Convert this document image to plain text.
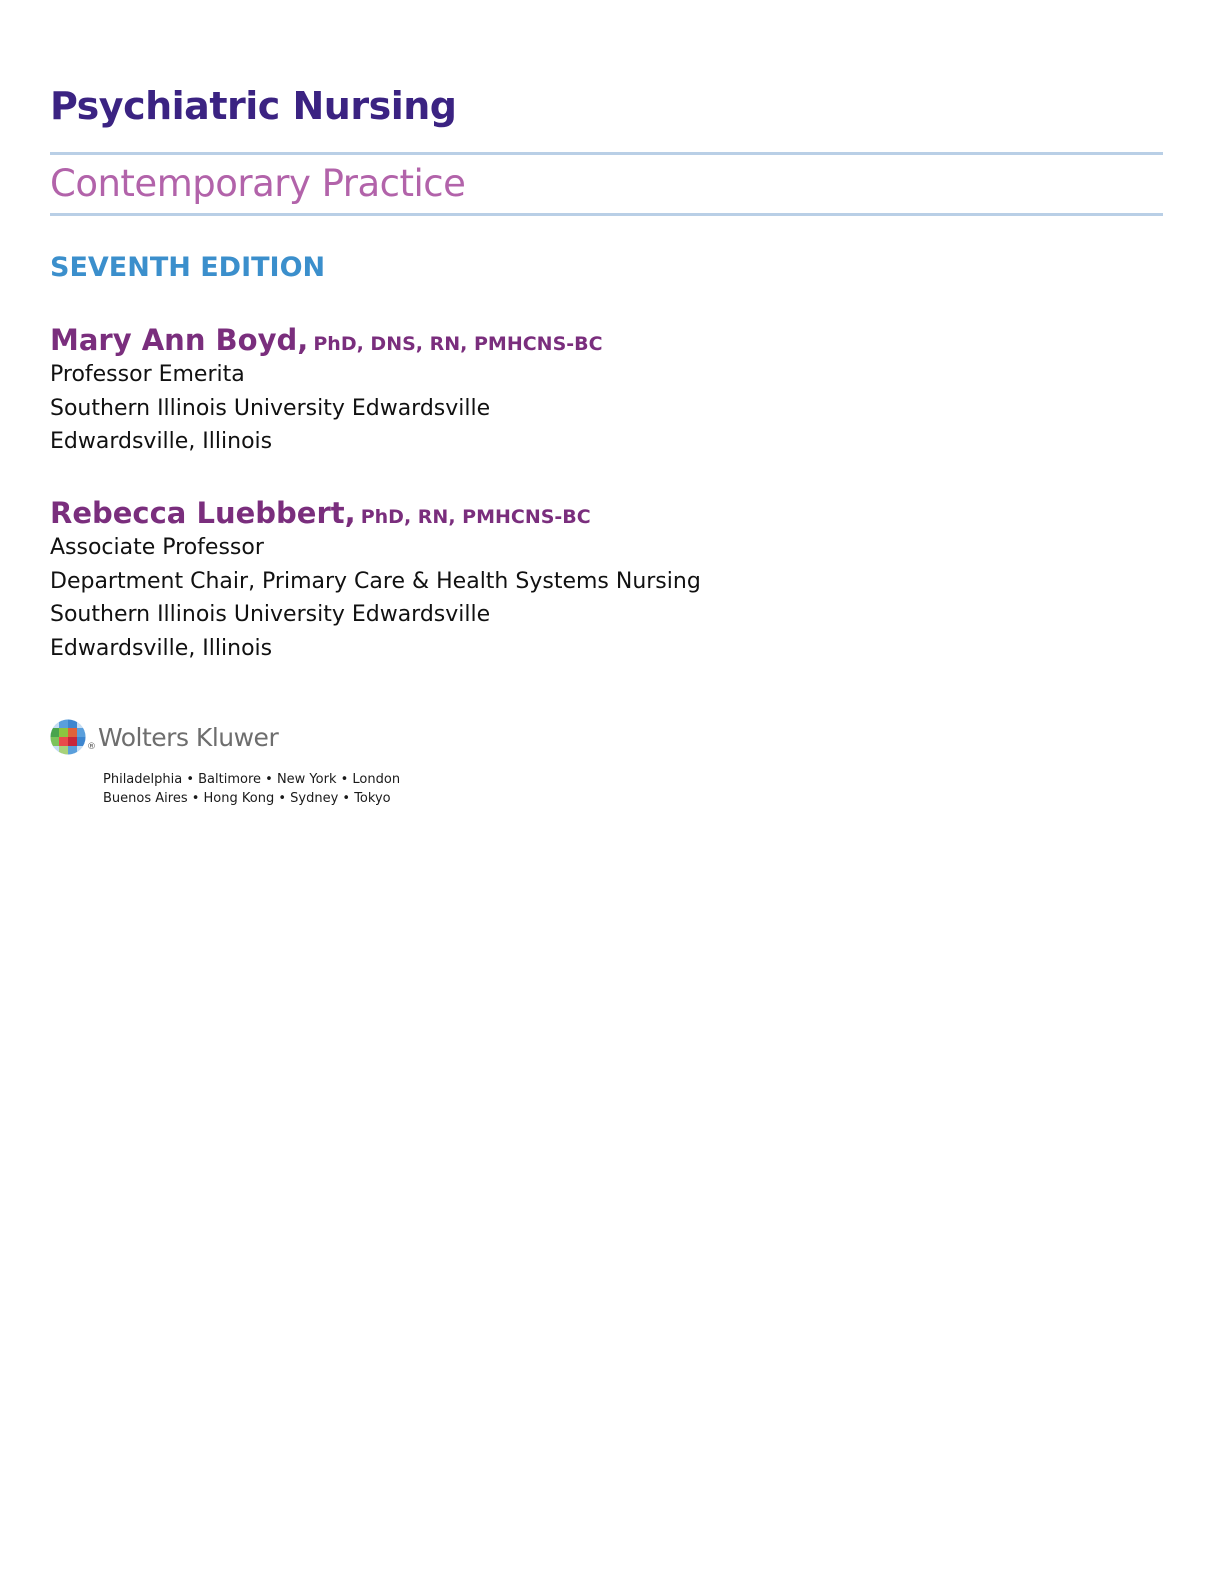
Psychiatric Nursing
Contemporary Practice
SEVENTH EDITION
Mary Ann Boyd, PhD, DNS, RN, PMHCNS-BC
Professor Emerita
Southern Illinois University Edwardsville
Edwardsville, Illinois
Rebecca Luebbert, PhD, RN, PMHCNS-BC
Associate Professor
Department Chair, Primary Care & Health Systems Nursing
Southern Illinois University Edwardsville
Edwardsville, Illinois
® Wolters Kluwer
Philadelphia • Baltimore • New York • London
Buenos Aires • Hong Kong • Sydney • Tokyo
